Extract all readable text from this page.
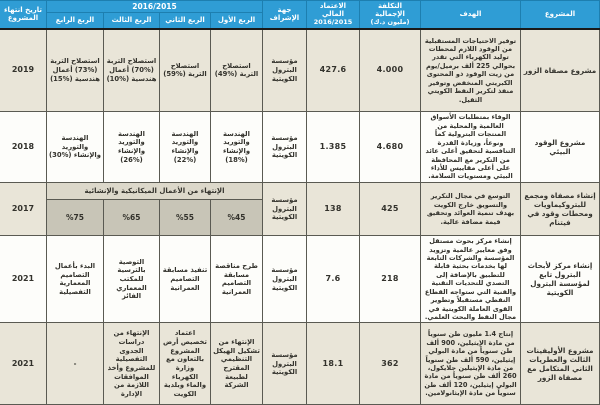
المشروع	الهدف	التكلفة الإجمالية
(مليون د.ك)	الاعتماد المالي
2016/2015	جهة الإشراف	2016/2015				تاريخ انتهاء المشروع
					الربع الأول	الربع الثاني	الربع الثالث	الربع الرابع	
مشروع مصفاة الزور	توفير الاحتياجات المستقبلية من الوقود اللازم لمحطات توليد الكهرباء التي تقدر بحوالي 225 ألف برميل/يوم من زيت الوقود ذو المحتوى الكبريتي المنخفض وتوفير منفذ لتكرير النفط الكويتي الثقيل.	4.000	427.6	مؤسسة البترول الكويتية	استصلاح التربة (%49)	استصلاح التربة (%59)	استصلاح التربة (%70) أعمال هندسية (%10)	استصلاح التربة (%73) أعمال هندسية (%15)	2019
مشروع الوقود البيئي	الوفاء بمتطلبات الأسواق العالمية والمحلية من المنتجات البترولية كماً ونوعاً، وزيادة القدرة التنافسية لتحقيق أعلى عائد من التكرير مع المحافظة على أعلى مقاييس للأداء البيئي ومستويات السلامة.	4.680	1.385	مؤسسة البترول الكويتية	الهندسة والتوريد والإنشاء (%18)	الهندسة والتوريد والإنشاء (%22)	الهندسة والتوريد والإنشاء (%26)	الهندسة والتوريد والإنشاء (%30)	2018
إنشاء مصفاة ومجمع للبتروكيماويات ومحطات وقود في فيتنام	التوسع في مجال التكرير والتسويق خارج الكويت بهدف تنمية العوائد وتحقيق قيمة مضافة عالية.	425	138	مؤسسة البترول الكويتية	الإنتهاء من الأعمال الميكانيكية والإنشائية				2017
					%45	%55	%65	%75	
إنشاء مركز لأبحاث البترول تابع لمؤسسة البترول الكويتية	إنشاء مركز بحوث مستقل وفق معايير عالمية وتزويد المؤسسة والشركات التابعة لها بخدمات بحثية قابلة للتطبيق بالإضافة إلى التصدي للتحديات التقنية والفنية التي ستواجه القطاع النفطي مستقبلاً وتطوير القوى العاملة الكويتية في مجال النفط والبحث العلمي.	218	7.6	مؤسسة البترول الكويتية	طرح مناقصة مسابقة التصاميم العمرانية	تنفيذ مسابقة التصاميم العمرانية	التوصية بالترسية للمكتب المعماري الفائز	البدء بأعمال التصاميم المعمارية التفصيلية	2021
مشروع الأوليفينات الثالث والعطريات الثاني المتكامل مع مصفاة الزور	إنتاج 1.4 مليون طن سنوياً من مادة الإيثيلين، 900 ألف طن سنوياً من مادة البولي إيثيلين، 590 ألف طن سنوياً من مادة الإيثيلين جلايكول، 260 ألف طن سنوياً من مادة البولي إيثيلين، 120 ألف طن سنوياً من مادة الإيثانولامين.	362	18.1	مؤسسة البترول الكويتية	الإنتهاء من تشكيل الهيكل التنظيمي المقترح لطبيعة الشركة	اعتماد تخصيص أرض المشروع بالتعاون مع وزارة الكهرباء والماء وبلدية الكويت	الإنتهاء من دراسات الجدوى التفصيلية للمشروع وأخذ الموافقات اللازمة من الإدارة	-	2021
